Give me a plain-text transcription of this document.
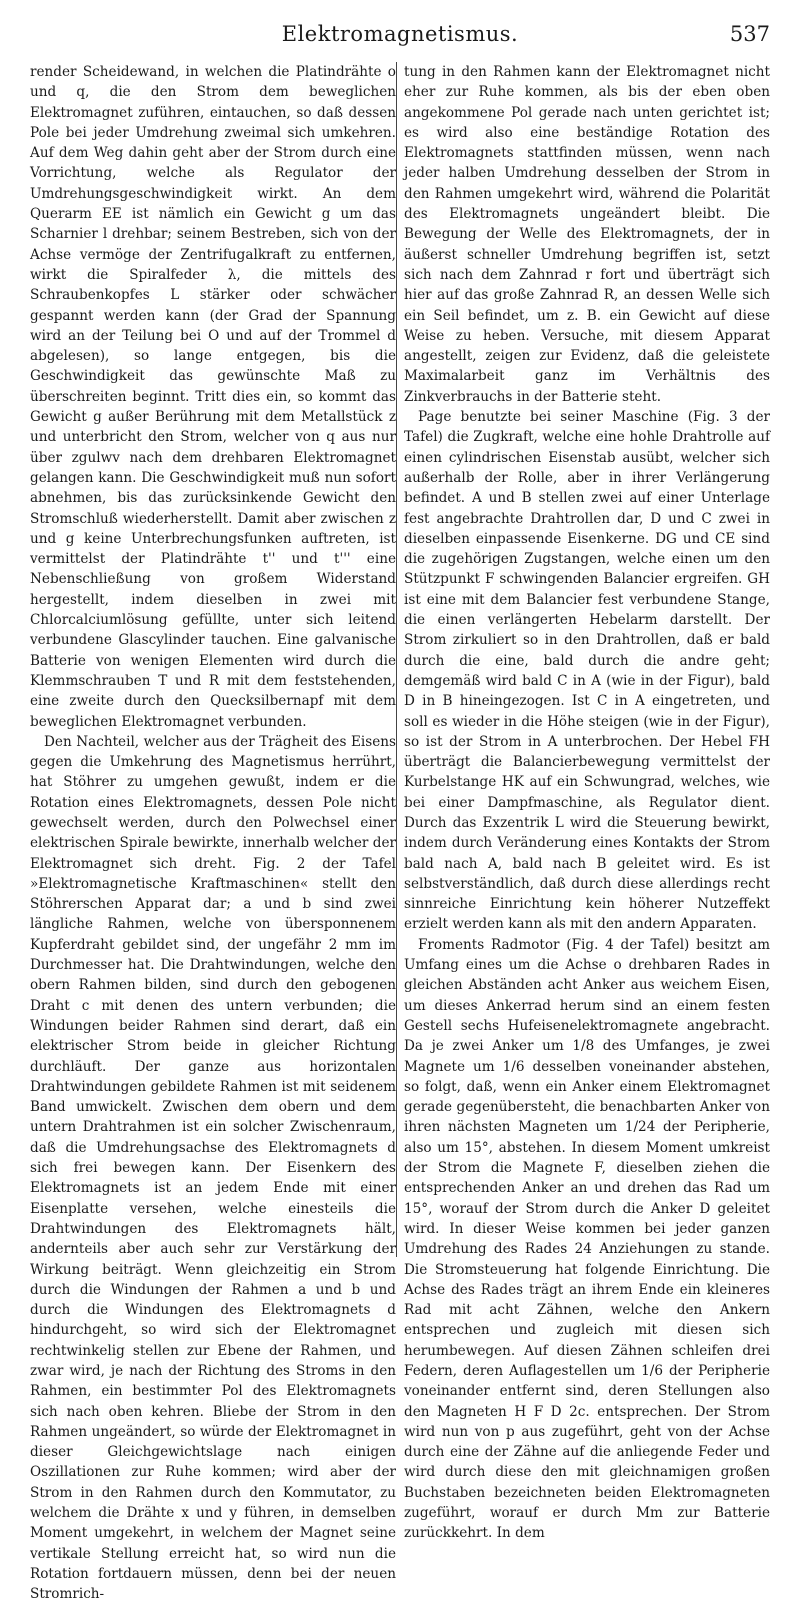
Elektromagnetismus.	537

render Scheidewand, in welchen die Platindrähte o und q, die den Strom dem beweglichen Elektromagnet zuführen, eintauchen, so daß dessen Pole bei jeder Umdrehung zweimal sich umkehren. Auf dem Weg dahin geht aber der Strom durch eine Vorrichtung, welche als Regulator der Umdrehungsgeschwindigkeit wirkt. An dem Querarm EE ist nämlich ein Gewicht g um das Scharnier l drehbar; seinem Bestreben, sich von der Achse vermöge der Zentrifugalkraft zu entfernen, wirkt die Spiralfeder λ, die mittels des Schraubenkopfes L stärker oder schwächer gespannt werden kann (der Grad der Spannung wird an der Teilung bei O und auf der Trommel d abgelesen), so lange entgegen, bis die Geschwindigkeit das gewünschte Maß zu überschreiten beginnt. Tritt dies ein, so kommt das Gewicht g außer Berührung mit dem Metallstück z und unterbricht den Strom, welcher von q aus nur über zgulwv nach dem drehbaren Elektromagnet gelangen kann. Die Geschwindigkeit muß nun sofort abnehmen, bis das zurücksinkende Gewicht den Stromschluß wiederherstellt. Damit aber zwischen z und g keine Unterbrechungsfunken auftreten, ist vermittelst der Platindrähte t'' und t''' eine Nebenschließung von großem Widerstand hergestellt, indem dieselben in zwei mit Chlorcalciumlösung gefüllte, unter sich leitend verbundene Glascylinder tauchen. Eine galvanische Batterie von wenigen Elementen wird durch die Klemmschrauben T und R mit dem feststehenden, eine zweite durch den Quecksilbernapf mit dem beweglichen Elektromagnet verbunden.

Den Nachteil, welcher aus der Trägheit des Eisens gegen die Umkehrung des Magnetismus herrührt, hat Stöhrer zu umgehen gewußt, indem er die Rotation eines Elektromagnets, dessen Pole nicht gewechselt werden, durch den Polwechsel einer elektrischen Spirale bewirkte, innerhalb welcher der Elektromagnet sich dreht. Fig. 2 der Tafel »Elektromagnetische Kraftmaschinen« stellt den Stöhrerschen Apparat dar; a und b sind zwei längliche Rahmen, welche von übersponnenem Kupferdraht gebildet sind, der ungefähr 2 mm im Durchmesser hat. Die Drahtwindungen, welche den obern Rahmen bilden, sind durch den gebogenen Draht c mit denen des untern verbunden; die Windungen beider Rahmen sind derart, daß ein elektrischer Strom beide in gleicher Richtung durchläuft. Der ganze aus horizontalen Drahtwindungen gebildete Rahmen ist mit seidenem Band umwickelt. Zwischen dem obern und dem untern Drahtrahmen ist ein solcher Zwischenraum, daß die Umdrehungsachse des Elektromagnets d sich frei bewegen kann. Der Eisenkern des Elektromagnets ist an jedem Ende mit einer Eisenplatte versehen, welche einesteils die Drahtwindungen des Elektromagnets hält, andernteils aber auch sehr zur Verstärkung der Wirkung beiträgt. Wenn gleichzeitig ein Strom durch die Windungen der Rahmen a und b und durch die Windungen des Elektromagnets d hindurchgeht, so wird sich der Elektromagnet rechtwinkelig stellen zur Ebene der Rahmen, und zwar wird, je nach der Richtung des Stroms in den Rahmen, ein bestimmter Pol des Elektromagnets sich nach oben kehren. Bliebe der Strom in den Rahmen ungeändert, so würde der Elektromagnet in dieser Gleichgewichtslage nach einigen Oszillationen zur Ruhe kommen; wird aber der Strom in den Rahmen durch den Kommutator, zu welchem die Drähte x und y führen, in demselben Moment umgekehrt, in welchem der Magnet seine vertikale Stellung erreicht hat, so wird nun die Rotation fortdauern müssen, denn bei der neuen Stromrich-

tung in den Rahmen kann der Elektromagnet nicht eher zur Ruhe kommen, als bis der eben oben angekommene Pol gerade nach unten gerichtet ist; es wird also eine beständige Rotation des Elektromagnets stattfinden müssen, wenn nach jeder halben Umdrehung desselben der Strom in den Rahmen umgekehrt wird, während die Polarität des Elektromagnets ungeändert bleibt. Die Bewegung der Welle des Elektromagnets, der in äußerst schneller Umdrehung begriffen ist, setzt sich nach dem Zahnrad r fort und überträgt sich hier auf das große Zahnrad R, an dessen Welle sich ein Seil befindet, um z. B. ein Gewicht auf diese Weise zu heben. Versuche, mit diesem Apparat angestellt, zeigen zur Evidenz, daß die geleistete Maximalarbeit ganz im Verhältnis des Zinkverbrauchs in der Batterie steht.

Page benutzte bei seiner Maschine (Fig. 3 der Tafel) die Zugkraft, welche eine hohle Drahtrolle auf einen cylindrischen Eisenstab ausübt, welcher sich außerhalb der Rolle, aber in ihrer Verlängerung befindet. A und B stellen zwei auf einer Unterlage fest angebrachte Drahtrollen dar, D und C zwei in dieselben einpassende Eisenkerne. DG und CE sind die zugehörigen Zugstangen, welche einen um den Stützpunkt F schwingenden Balancier ergreifen. GH ist eine mit dem Balancier fest verbundene Stange, die einen verlängerten Hebelarm darstellt. Der Strom zirkuliert so in den Drahtrollen, daß er bald durch die eine, bald durch die andre geht; demgemäß wird bald C in A (wie in der Figur), bald D in B hineingezogen. Ist C in A eingetreten, und soll es wieder in die Höhe steigen (wie in der Figur), so ist der Strom in A unterbrochen. Der Hebel FH überträgt die Balancierbewegung vermittelst der Kurbelstange HK auf ein Schwungrad, welches, wie bei einer Dampfmaschine, als Regulator dient. Durch das Exzentrik L wird die Steuerung bewirkt, indem durch Veränderung eines Kontakts der Strom bald nach A, bald nach B geleitet wird. Es ist selbstverständlich, daß durch diese allerdings recht sinnreiche Einrichtung kein höherer Nutzeffekt erzielt werden kann als mit den andern Apparaten.

Froments Radmotor (Fig. 4 der Tafel) besitzt am Umfang eines um die Achse o drehbaren Rades in gleichen Abständen acht Anker aus weichem Eisen, um dieses Ankerrad herum sind an einem festen Gestell sechs Hufeisenelektromagnete angebracht. Da je zwei Anker um 1/8 des Umfanges, je zwei Magnete um 1/6 desselben voneinander abstehen, so folgt, daß, wenn ein Anker einem Elektromagnet gerade gegenübersteht, die benachbarten Anker von ihren nächsten Magneten um 1/24 der Peripherie, also um 15°, abstehen. In diesem Moment umkreist der Strom die Magnete F, dieselben ziehen die entsprechenden Anker an und drehen das Rad um 15°, worauf der Strom durch die Anker D geleitet wird. In dieser Weise kommen bei jeder ganzen Umdrehung des Rades 24 Anziehungen zu stande. Die Stromsteuerung hat folgende Einrichtung. Die Achse des Rades trägt an ihrem Ende ein kleineres Rad mit acht Zähnen, welche den Ankern entsprechen und zugleich mit diesen sich herumbewegen. Auf diesen Zähnen schleifen drei Federn, deren Auflagestellen um 1/6 der Peripherie voneinander entfernt sind, deren Stellungen also den Magneten H F D 2c. entsprechen. Der Strom wird nun von p aus zugeführt, geht von der Achse durch eine der Zähne auf die anliegende Feder und wird durch diese den mit gleichnamigen großen Buchstaben bezeichneten beiden Elektromagneten zugeführt, worauf er durch Mm zur Batterie zurückkehrt. In dem
